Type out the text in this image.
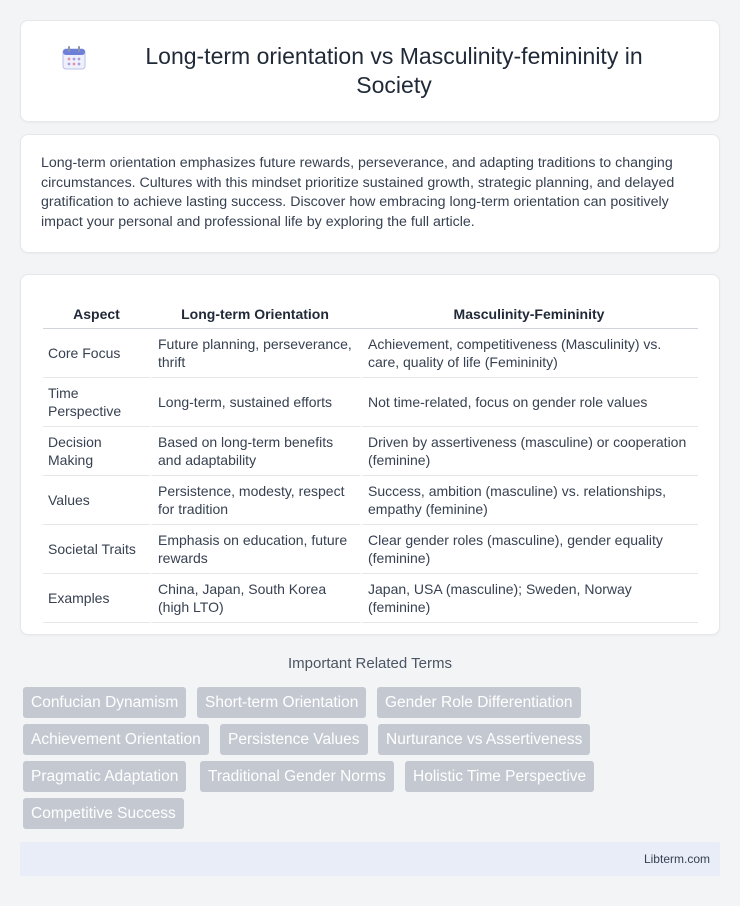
Long-term orientation vs Masculinity-femininity in Society

Long-term orientation emphasizes future rewards, perseverance, and adapting traditions to changing circumstances. Cultures with this mindset prioritize sustained growth, strategic planning, and delayed gratification to achieve lasting success. Discover how embracing long-term orientation can positively impact your personal and professional life by exploring the full article.

Aspect	Long-term Orientation	Masculinity-Femininity
Core Focus	Future planning, perseverance, thrift	Achievement, competitiveness (Masculinity) vs. care, quality of life (Femininity)
Time Perspective	Long-term, sustained efforts	Not time-related, focus on gender role values
Decision Making	Based on long-term benefits and adaptability	Driven by assertiveness (masculine) or cooperation (feminine)
Values	Persistence, modesty, respect for tradition	Success, ambition (masculine) vs. relationships, empathy (feminine)
Societal Traits	Emphasis on education, future rewards	Clear gender roles (masculine), gender equality (feminine)
Examples	China, Japan, South Korea (high LTO)	Japan, USA (masculine); Sweden, Norway (feminine)
Important Related Terms
Confucian Dynamism	Short-term Orientation	Gender Role Differentiation
Achievement Orientation	Persistence Values	Nurturance vs Assertiveness
Pragmatic Adaptation	Traditional Gender Norms	Holistic Time Perspective
Competitive Success
Libterm.com
